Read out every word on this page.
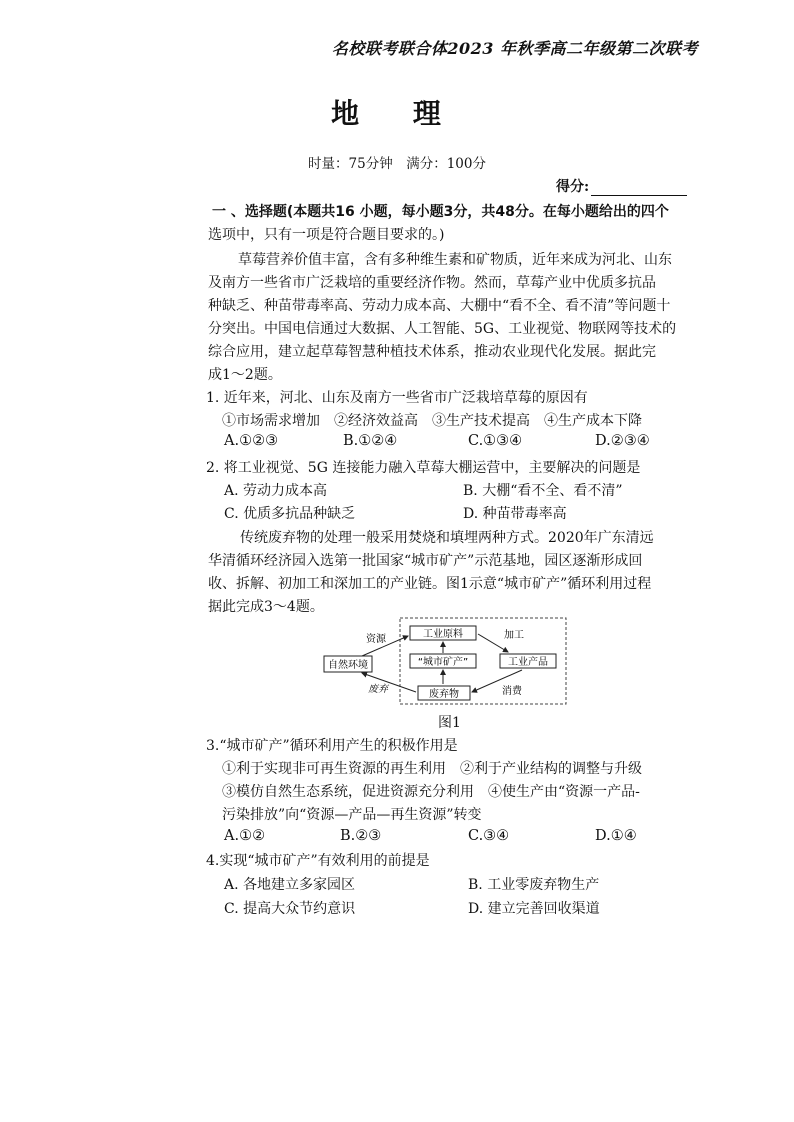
名校联考联合体2023 年秋季高二年级第二次联考
地 理
时量：75分钟　满分：100分
得分:
一 、选择题(本题共16 小题，每小题3分，共48分。在每小题给出的四个
选项中，只有一项是符合题目要求的。)
草莓营养价值丰富，含有多种维生素和矿物质，近年来成为河北、山东
及南方一些省市广泛栽培的重要经济作物。然而，草莓产业中优质多抗品
种缺乏、种苗带毒率高、劳动力成本高、大棚中“看不全、看不清”等问题十
分突出。中国电信通过大数据、人工智能、5G、工业视觉、物联网等技术的
综合应用，建立起草莓智慧种植技术体系，推动农业现代化发展。据此完
成1～2题。
1. 近年来，河北、山东及南方一些省市广泛栽培草莓的原因有
①市场需求增加　②经济效益高　③生产技术提高　④生产成本下降
A.①②③	B.①②④	C.①③④	D.②③④
2. 将工业视觉、5G 连接能力融入草莓大棚运营中，主要解决的问题是
A. 劳动力成本高	B. 大棚“看不全、看不清”
C. 优质多抗品种缺乏	D. 种苗带毒率高
传统废弃物的处理一般采用焚烧和填埋两种方式。2020年广东清远
华清循环经济园入选第一批国家“城市矿产”示范基地，园区逐渐形成回
收、拆解、初加工和深加工的产业链。图1示意“城市矿产”循环利用过程
据此完成3～4题。
自然环境
工业原料
“城市矿产”	工业产品
废弃物
资源
废弃
加工
消费
图1
3.“城市矿产”循环利用产生的积极作用是
①利于实现非可再生资源的再生利用　②利于产业结构的调整与升级
③模仿自然生态系统，促进资源充分利用　④使生产由“资源一产品-
污染排放”向“资源—产品—再生资源”转变
A.①②	B.②③	C.③④	D.①④
4.实现“城市矿产”有效利用的前提是
A. 各地建立多家园区	B. 工业零废弃物生产
C. 提高大众节约意识	D. 建立完善回收渠道
